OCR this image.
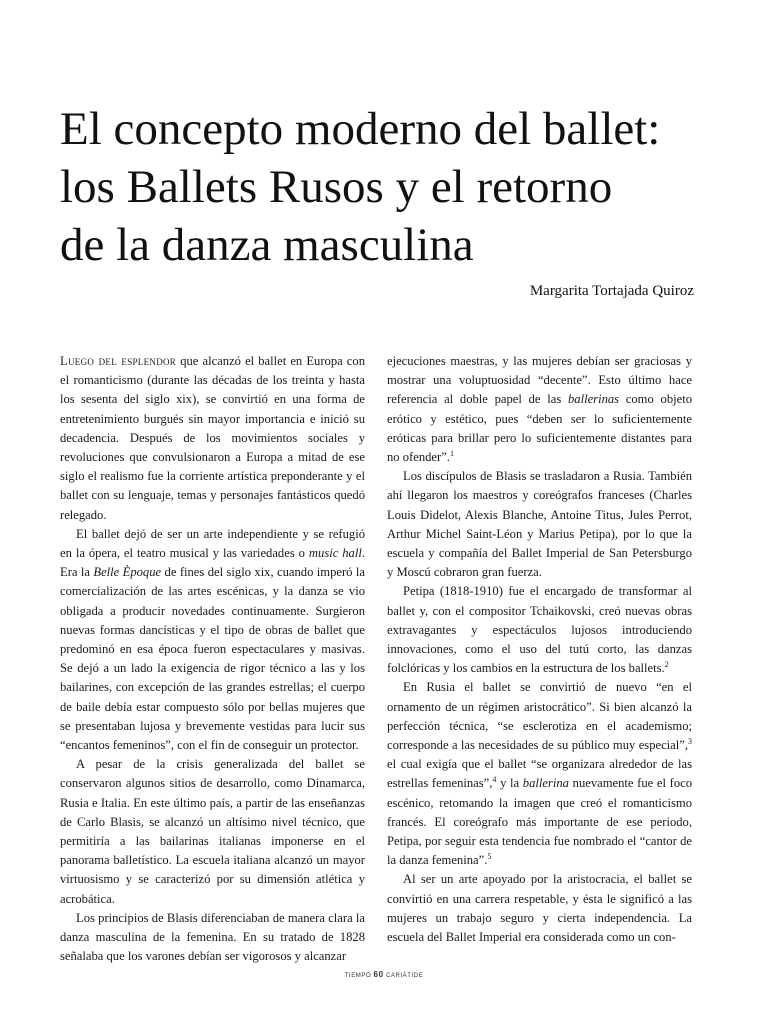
El concepto moderno del ballet:
los Ballets Rusos y el retorno
de la danza masculina
Margarita Tortajada Quiroz

Luego del esplendor que alcanzó el ballet en Europa con el romanticismo (durante las décadas de los treinta y hasta los sesenta del siglo xix), se convirtió en una forma de entretenimiento burgués sin mayor importancia e inició su decadencia. Después de los movimientos sociales y revoluciones que convulsionaron a Europa a mitad de ese siglo el realismo fue la corriente artística preponderante y el ballet con su lenguaje, temas y personajes fantásticos quedó relegado.

El ballet dejó de ser un arte independiente y se refugió en la ópera, el teatro musical y las variedades o music hall. Era la Belle Èpoque de fines del siglo xix, cuando imperó la comercialización de las artes escénicas, y la danza se vio obligada a producir novedades continuamente. Surgieron nuevas formas dancísticas y el tipo de obras de ballet que predominó en esa época fueron espectaculares y masivas. Se dejó a un lado la exigencia de rigor técnico a las y los bailarines, con excepción de las grandes estrellas; el cuerpo de baile debía estar compuesto sólo por bellas mujeres que se presentaban lujosa y brevemente vestidas para lucir sus “encantos femeninos”, con el fin de conseguir un protector.

A pesar de la crisis generalizada del ballet se conservaron algunos sitios de desarrollo, como Dinamarca, Rusia e Italia. En este último país, a partir de las enseñanzas de Carlo Blasis, se alcanzó un altísimo nivel técnico, que permitiría a las bailarinas italianas imponerse en el panorama balletístico. La escuela italiana alcanzó un mayor virtuosismo y se caracterizó por su dimensión atlética y acrobática.

Los principios de Blasis diferenciaban de manera clara la danza masculina de la femenina. En su tratado de 1828 señalaba que los varones debían ser vigorosos y alcanzar

ejecuciones maestras, y las mujeres debían ser graciosas y mostrar una voluptuosidad “decente”. Esto último hace referencia al doble papel de las ballerinas como objeto erótico y estético, pues “deben ser lo suficientemente eróticas para brillar pero lo suficientemente distantes para no ofender”.$^1$

Los discípulos de Blasis se trasladaron a Rusia. También ahí llegaron los maestros y coreógrafos franceses (Charles Louis Didelot, Alexis Blanche, Antoine Titus, Jules Perrot, Arthur Michel Saint-Léon y Marius Petipa), por lo que la escuela y compañía del Ballet Imperial de San Petersburgo y Moscú cobraron gran fuerza.

Petipa (1818-1910) fue el encargado de transformar al ballet y, con el compositor Tchaikovski, creó nuevas obras extravagantes y espectáculos lujosos introduciendo innovaciones, como el uso del tutú corto, las danzas folclóricas y los cambios en la estructura de los ballets.$^2$

En Rusia el ballet se convirtió de nuevo “en el ornamento de un régimen aristocrático”. Si bien alcanzó la perfección técnica, “se esclerotiza en el academismo; corresponde a las necesidades de su público muy especial”,$^3$ el cual exigía que el ballet “se organizara alrededor de las estrellas femeninas”,$^4$ y la ballerina nuevamente fue el foco escénico, retomando la imagen que creó el romanticismo francés. El coreógrafo más importante de ese periodo, Petipa, por seguir esta tendencia fue nombrado el “cantor de la danza femenina”.$^5$

Al ser un arte apoyado por la aristocracia, el ballet se convirtió en una carrera respetable, y ésta le significó a las mujeres un trabajo seguro y cierta independencia. La escuela del Ballet Imperial era considerada como un con-

TIEMPO 60 CARIÁTIDE
